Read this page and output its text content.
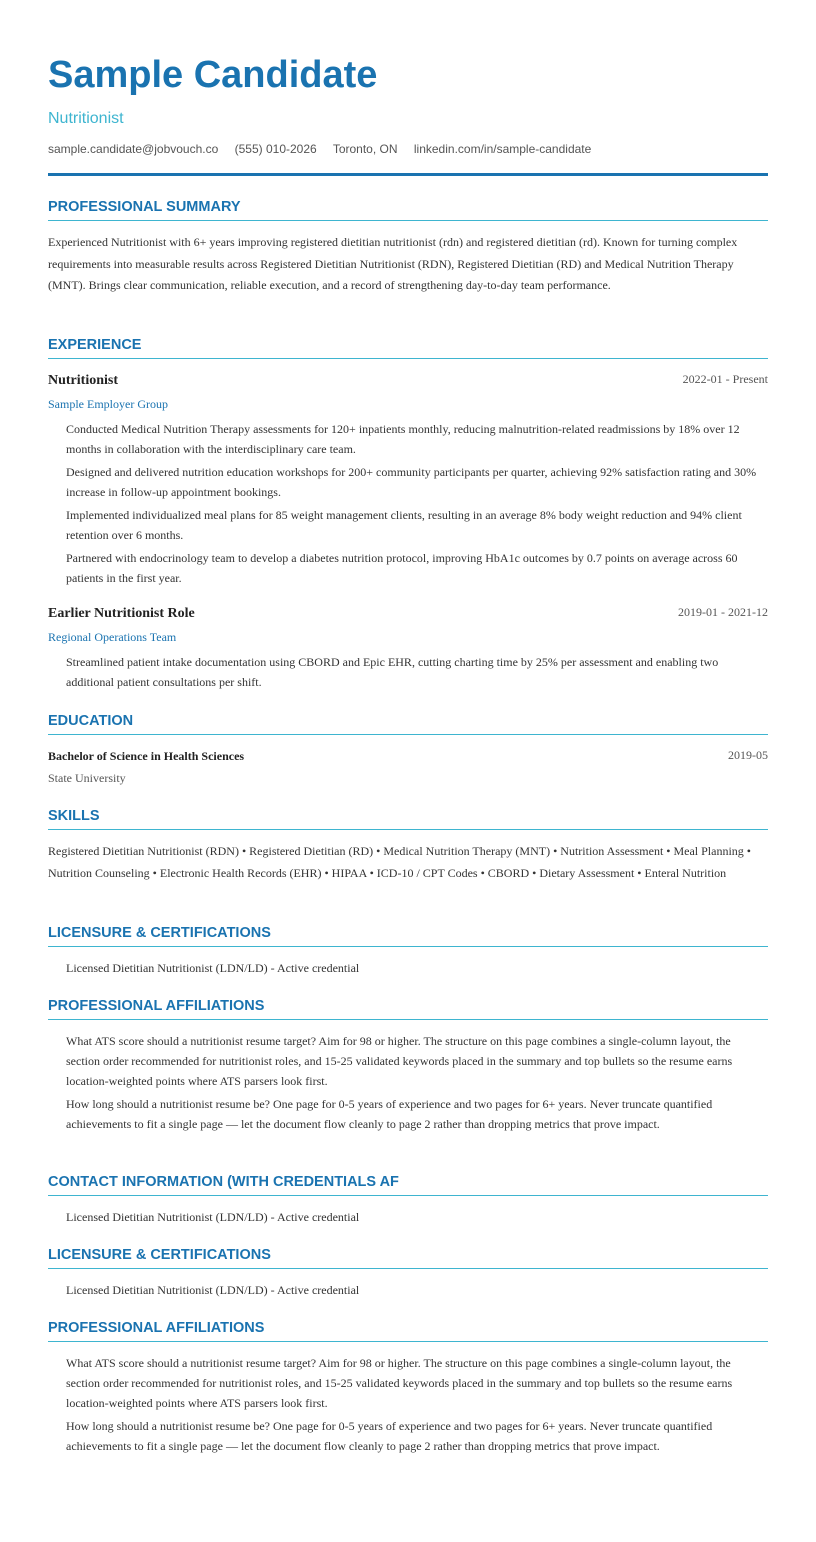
Sample Candidate
Nutritionist
sample.candidate@jobvouch.co (555) 010-2026 Toronto, ON linkedin.com/in/sample-candidate
PROFESSIONAL SUMMARY
Experienced Nutritionist with 6+ years improving registered dietitian nutritionist (rdn) and registered dietitian (rd). Known for turning complex requirements into measurable results across Registered Dietitian Nutritionist (RDN), Registered Dietitian (RD) and Medical Nutrition Therapy (MNT). Brings clear communication, reliable execution, and a record of strengthening day-to-day team performance.
EXPERIENCE
Nutritionist	2022-01 - Present
Sample Employer Group
Conducted Medical Nutrition Therapy assessments for 120+ inpatients monthly, reducing malnutrition-related readmissions by 18% over 12 months in collaboration with the interdisciplinary care team.
Designed and delivered nutrition education workshops for 200+ community participants per quarter, achieving 92% satisfaction rating and 30% increase in follow-up appointment bookings.
Implemented individualized meal plans for 85 weight management clients, resulting in an average 8% body weight reduction and 94% client retention over 6 months.
Partnered with endocrinology team to develop a diabetes nutrition protocol, improving HbA1c outcomes by 0.7 points on average across 60 patients in the first year.
Earlier Nutritionist Role	2019-01 - 2021-12
Regional Operations Team
Streamlined patient intake documentation using CBORD and Epic EHR, cutting charting time by 25% per assessment and enabling two additional patient consultations per shift.
EDUCATION
Bachelor of Science in Health Sciences	2019-05
State University
SKILLS
Registered Dietitian Nutritionist (RDN) • Registered Dietitian (RD) • Medical Nutrition Therapy (MNT) • Nutrition Assessment • Meal Planning • Nutrition Counseling • Electronic Health Records (EHR) • HIPAA • ICD-10 / CPT Codes • CBORD • Dietary Assessment • Enteral Nutrition
LICENSURE & CERTIFICATIONS
Licensed Dietitian Nutritionist (LDN/LD) - Active credential
PROFESSIONAL AFFILIATIONS
What ATS score should a nutritionist resume target? Aim for 98 or higher. The structure on this page combines a single-column layout, the section order recommended for nutritionist roles, and 15-25 validated keywords placed in the summary and top bullets so the resume earns location-weighted points where ATS parsers look first.
How long should a nutritionist resume be? One page for 0-5 years of experience and two pages for 6+ years. Never truncate quantified achievements to fit a single page — let the document flow cleanly to page 2 rather than dropping metrics that prove impact.
CONTACT INFORMATION (WITH CREDENTIALS AF
Licensed Dietitian Nutritionist (LDN/LD) - Active credential
LICENSURE & CERTIFICATIONS
Licensed Dietitian Nutritionist (LDN/LD) - Active credential
PROFESSIONAL AFFILIATIONS
What ATS score should a nutritionist resume target? Aim for 98 or higher. The structure on this page combines a single-column layout, the section order recommended for nutritionist roles, and 15-25 validated keywords placed in the summary and top bullets so the resume earns location-weighted points where ATS parsers look first.
How long should a nutritionist resume be? One page for 0-5 years of experience and two pages for 6+ years. Never truncate quantified achievements to fit a single page — let the document flow cleanly to page 2 rather than dropping metrics that prove impact.
